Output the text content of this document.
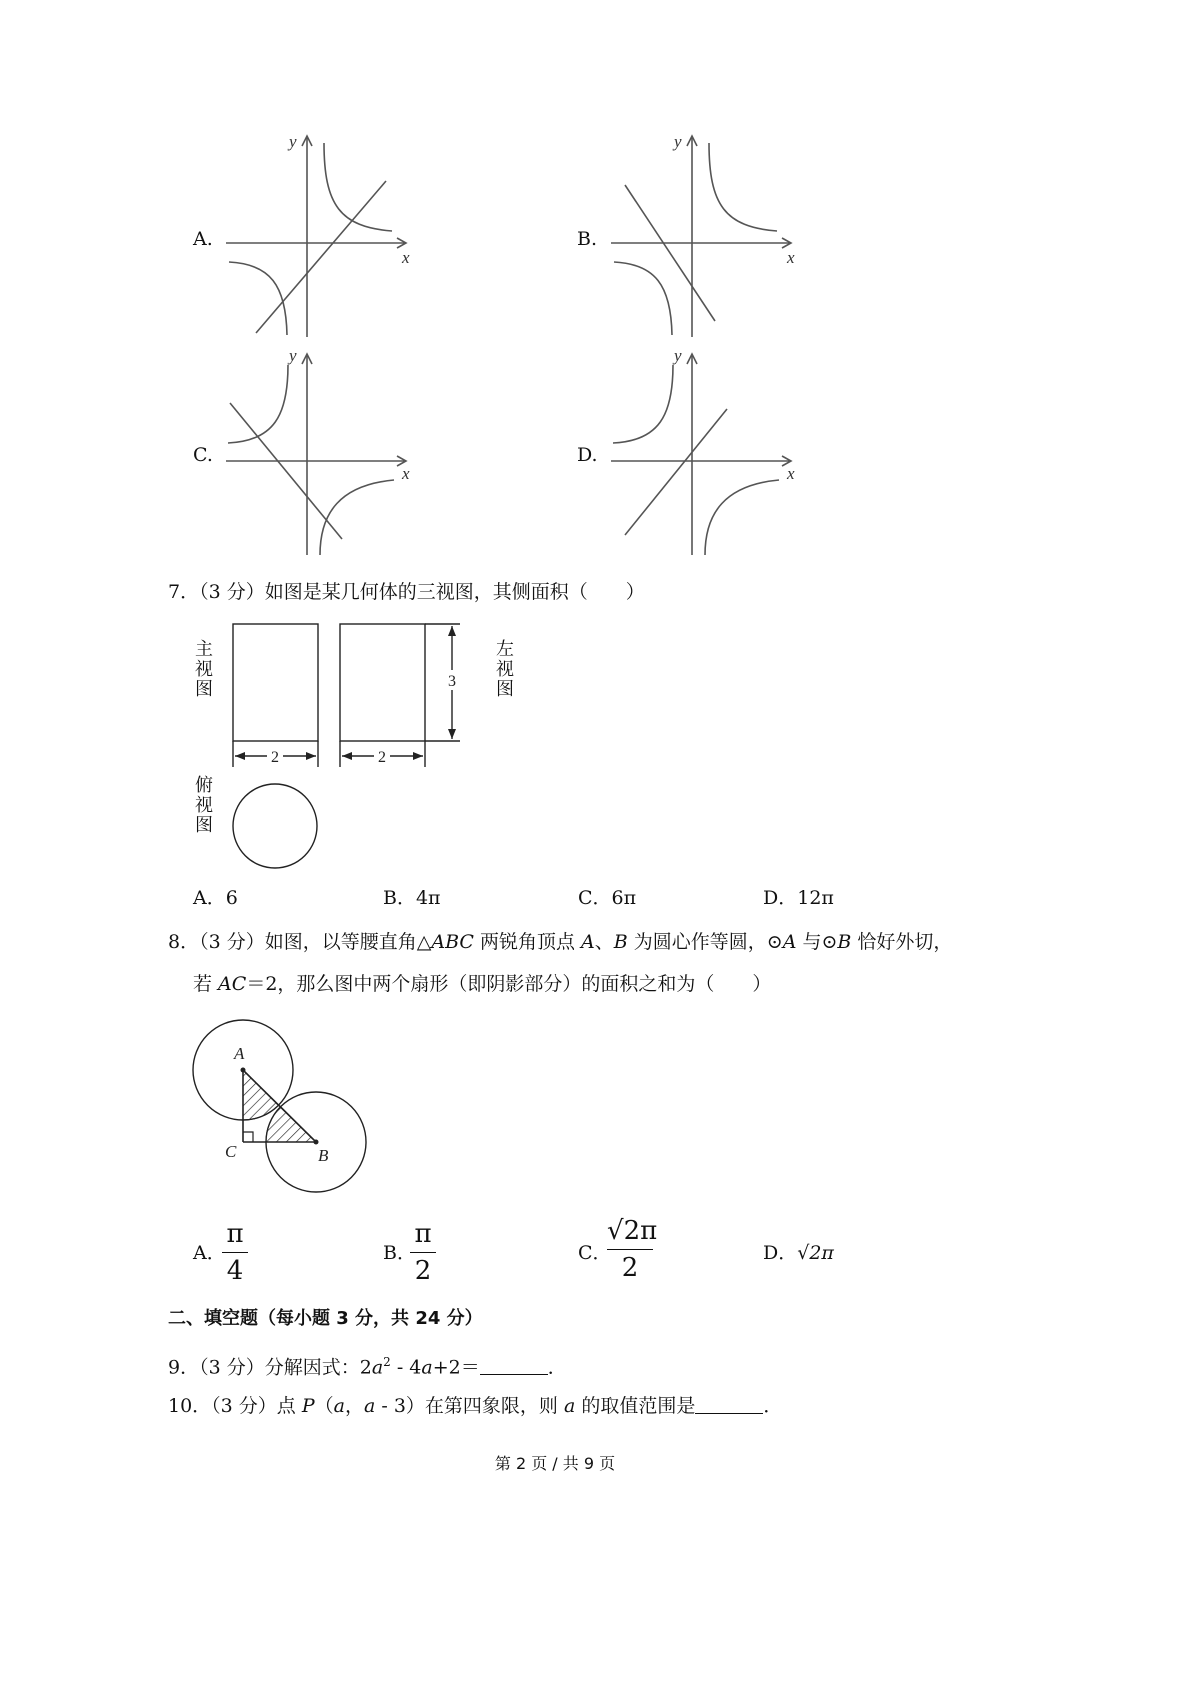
A.	B.
C.	D.
y
x
y
x
y
x
y
x
7．（3 分）如图是某几何体的三视图，其侧面积（　　）
2	2
3
主视图
左视图
俯视图
A．6	B．4π	C．6π	D．12π
8．（3 分）如图，以等腰直角△ABC 两锐角顶点 A、B 为圆心作等圆，⊙A 与⊙B 恰好外切，
若 AC＝2，那么图中两个扇形（即阴影部分）的面积之和为（　　）
A
B
C
A．
π
4
B．
π
2
C．
√2π
2	D．√2π
二、填空题（每小题 3 分，共 24 分）
9．（3 分）分解因式：$2a^2 - 4a+2=$	．
10．（3 分）点 P（a，a - 3）在第四象限，则 a 的取值范围是	．
第 2 页 / 共 9 页
